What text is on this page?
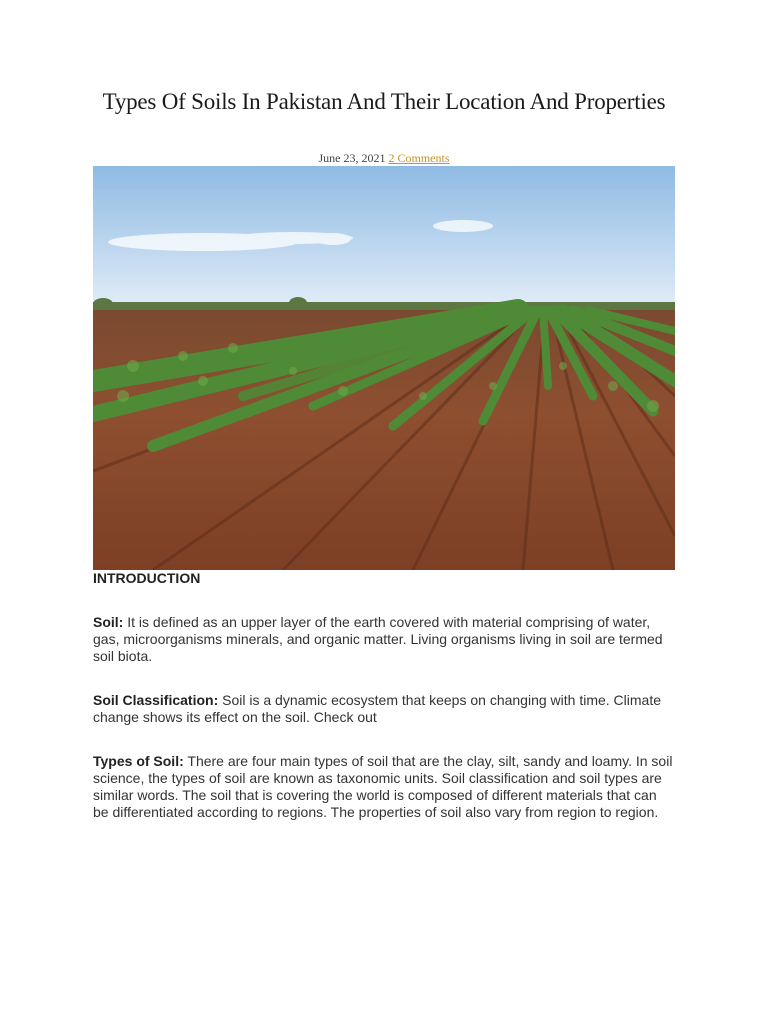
Types Of Soils In Pakistan And Their Location And Properties
June 23, 2021 2 Comments
INTRODUCTION

Soil: It is defined as an upper layer of the earth covered with material comprising of water, gas, microorganisms minerals, and organic matter. Living organisms living in soil are termed soil biota.

Soil Classification: Soil is a dynamic ecosystem that keeps on changing with time. Climate change shows its effect on the soil. Check out

Types of Soil: There are four main types of soil that are the clay, silt, sandy and loamy. In soil science, the types of soil are known as taxonomic units. Soil classification and soil types are similar words. The soil that is covering the world is composed of different materials that can be differentiated according to regions. The properties of soil also vary from region to region.
